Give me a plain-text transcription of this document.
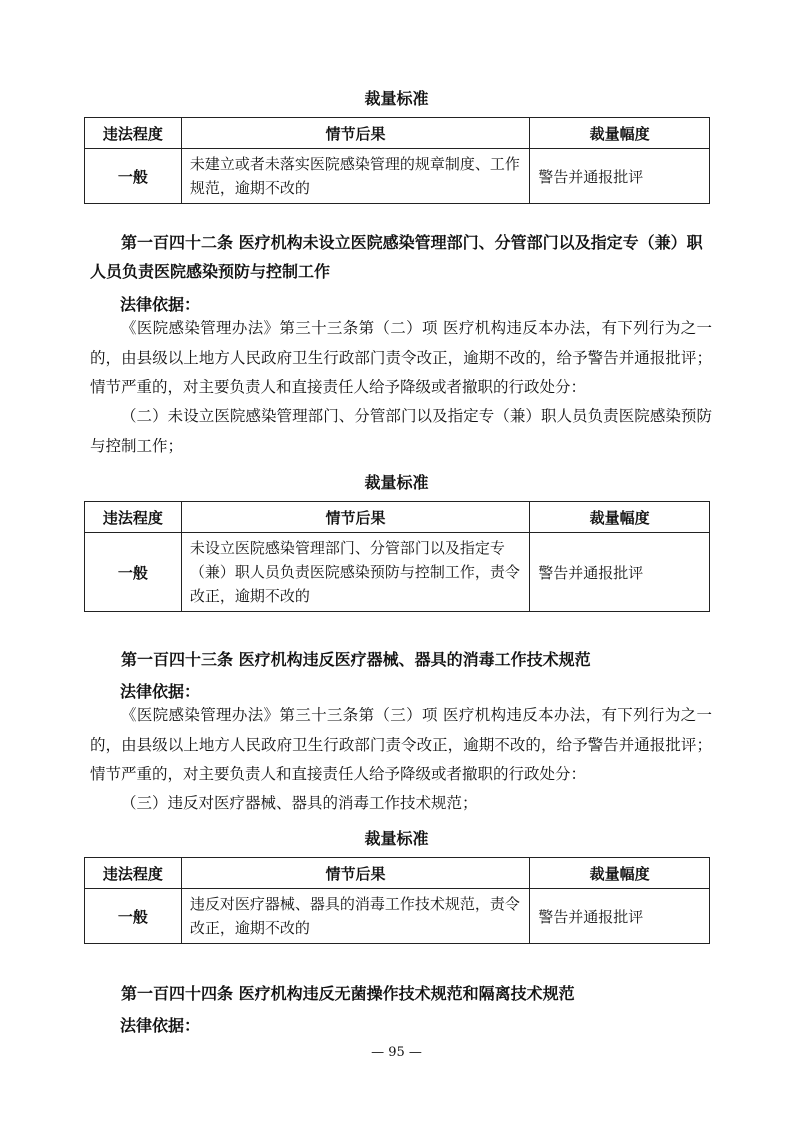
裁量标准
违法程度	情节后果	裁量幅度
一般	未建立或者未落实医院感染管理的规章制度、工作规范，逾期不改的	警告并通报批评
第一百四十二条 医疗机构未设立医院感染管理部门、分管部门以及指定专（兼）职人员负责医院感染预防与控制工作
法律依据：
《医院感染管理办法》第三十三条第（二）项 医疗机构违反本办法，有下列行为之一的，由县级以上地方人民政府卫生行政部门责令改正，逾期不改的，给予警告并通报批评；情节严重的，对主要负责人和直接责任人给予降级或者撤职的行政处分：
（二）未设立医院感染管理部门、分管部门以及指定专（兼）职人员负责医院感染预防与控制工作；
裁量标准
违法程度	情节后果	裁量幅度
一般	未设立医院感染管理部门、分管部门以及指定专（兼）职人员负责医院感染预防与控制工作，责令改正，逾期不改的	警告并通报批评
第一百四十三条 医疗机构违反医疗器械、器具的消毒工作技术规范
法律依据：
《医院感染管理办法》第三十三条第（三）项 医疗机构违反本办法，有下列行为之一的，由县级以上地方人民政府卫生行政部门责令改正，逾期不改的，给予警告并通报批评；情节严重的，对主要负责人和直接责任人给予降级或者撤职的行政处分：
（三）违反对医疗器械、器具的消毒工作技术规范；
裁量标准
违法程度	情节后果	裁量幅度
一般	违反对医疗器械、器具的消毒工作技术规范，责令改正，逾期不改的	警告并通报批评
第一百四十四条 医疗机构违反无菌操作技术规范和隔离技术规范
法律依据：
— 95 —
